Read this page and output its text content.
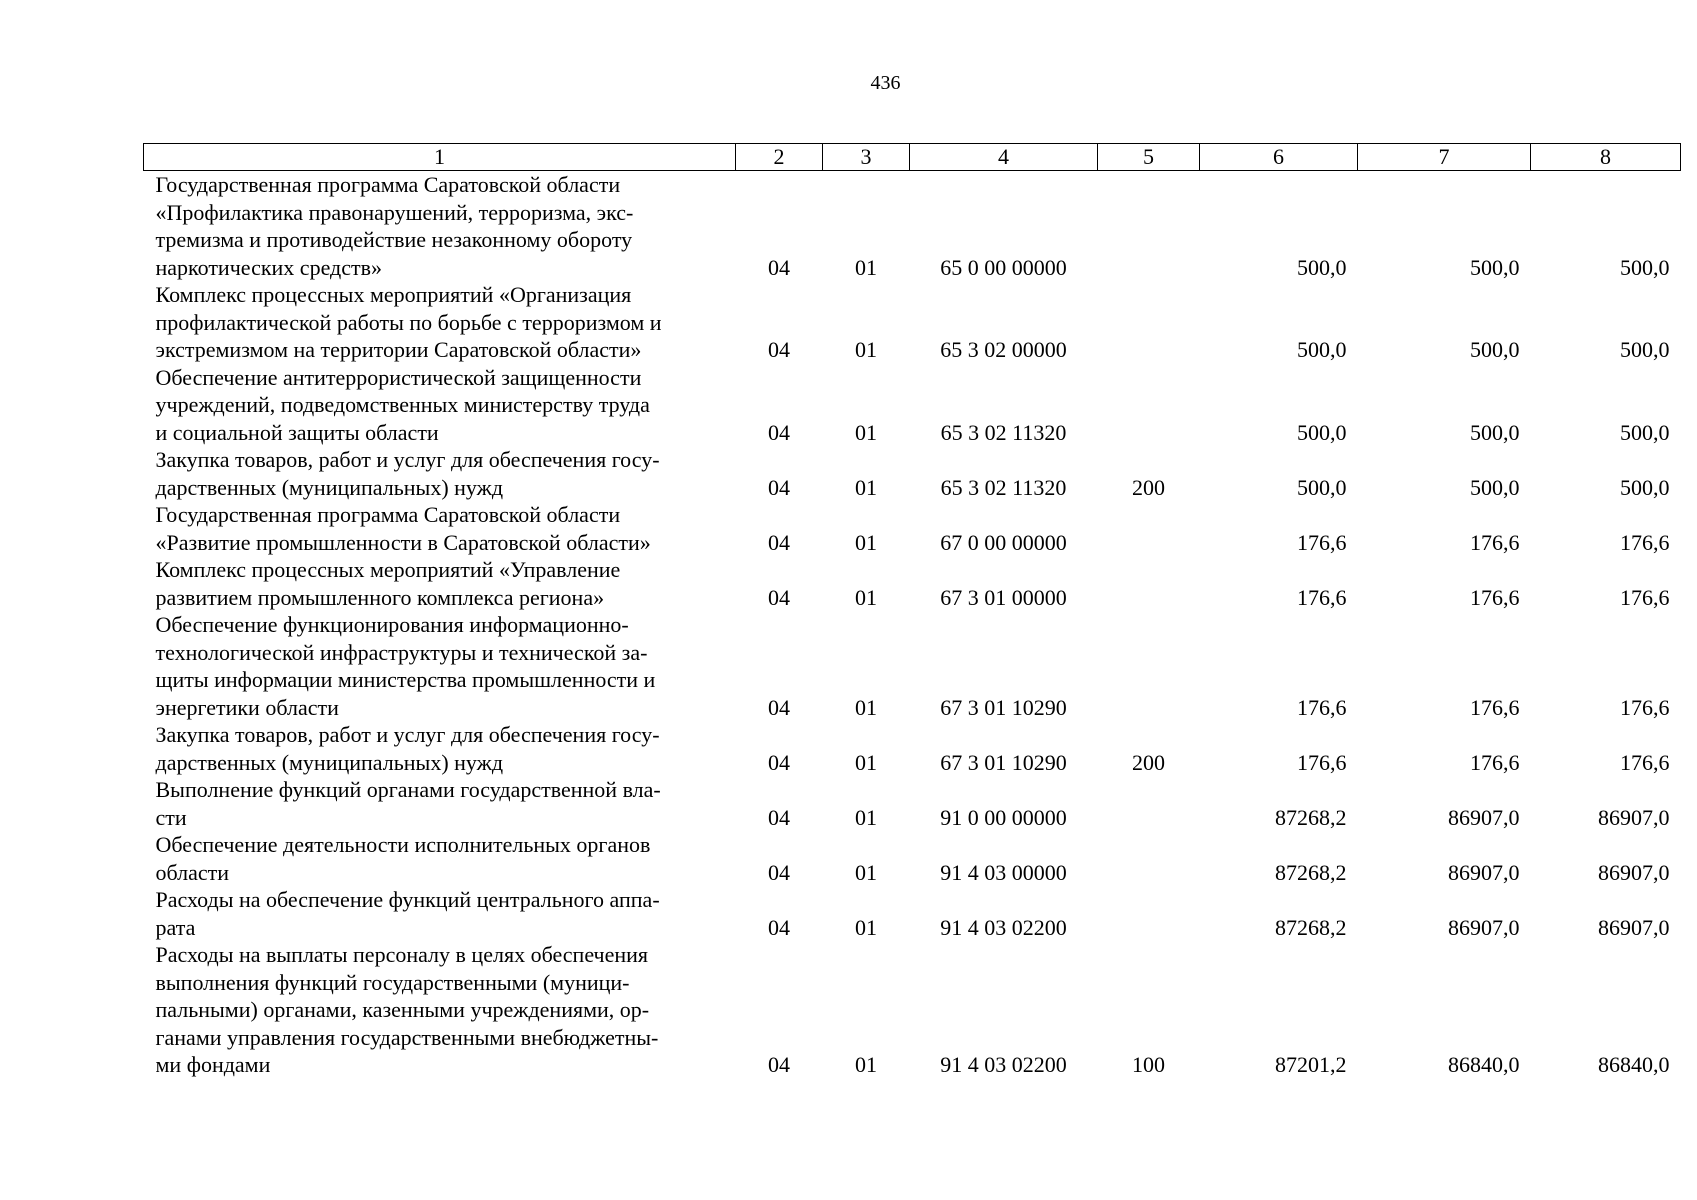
436
1	2	3	4	5	6	7	8

Государственная программа Саратовской области
«Профилактика правонарушений, терроризма, экс-
тремизма и противодействие незаконному обороту
наркотических средств»	04	01	65 0 00 00000		500,0	500,0	500,0

Комплекс процессных мероприятий «Организация
профилактической работы по борьбе с терроризмом и
экстремизмом на территории Саратовской области»	04	01	65 3 02 00000		500,0	500,0	500,0

Обеспечение антитеррористической защищенности
учреждений, подведомственных министерству труда
и социальной защиты области	04	01	65 3 02 11320		500,0	500,0	500,0

Закупка товаров, работ и услуг для обеспечения госу-
дарственных (муниципальных) нужд	04	01	65 3 02 11320	200	500,0	500,0	500,0

Государственная программа Саратовской области
«Развитие промышленности в Саратовской области»	04	01	67 0 00 00000		176,6	176,6	176,6

Комплекс процессных мероприятий «Управление
развитием промышленного комплекса региона»	04	01	67 3 01 00000		176,6	176,6	176,6

Обеспечение функционирования информационно-
технологической инфраструктуры и технической за-
щиты информации министерства промышленности и
энергетики области	04	01	67 3 01 10290		176,6	176,6	176,6

Закупка товаров, работ и услуг для обеспечения госу-
дарственных (муниципальных) нужд	04	01	67 3 01 10290	200	176,6	176,6	176,6

Выполнение функций органами государственной вла-
сти	04	01	91 0 00 00000		87268,2	86907,0	86907,0

Обеспечение деятельности исполнительных органов
области	04	01	91 4 03 00000		87268,2	86907,0	86907,0

Расходы на обеспечение функций центрального аппа-
рата	04	01	91 4 03 02200		87268,2	86907,0	86907,0

Расходы на выплаты персоналу в целях обеспечения
выполнения функций государственными (муници-
пальными) органами, казенными учреждениями, ор-
ганами управления государственными внебюджетны-
ми фондами	04	01	91 4 03 02200	100	87201,2	86840,0	86840,0
